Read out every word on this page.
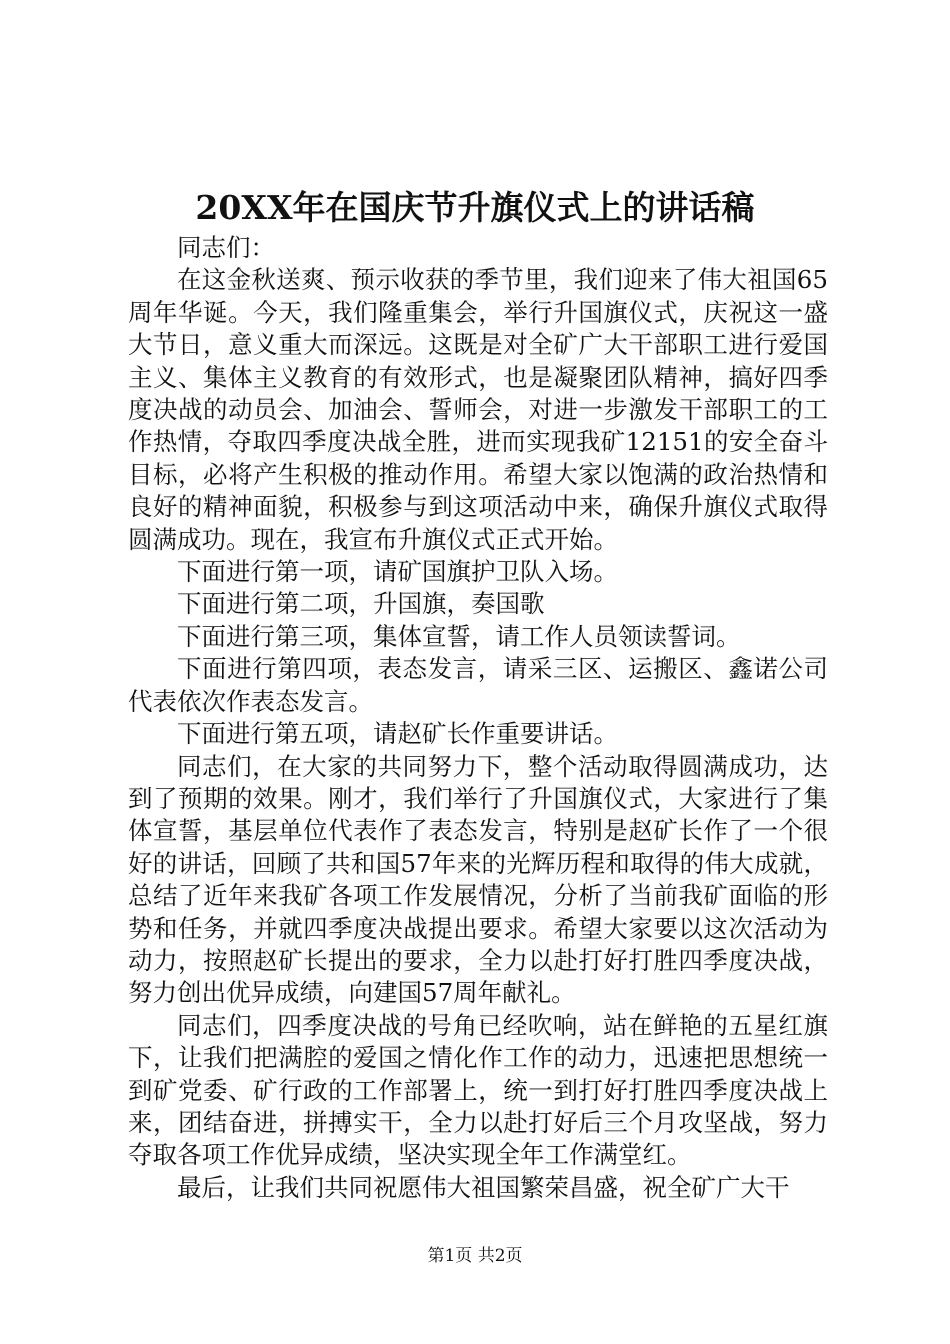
20XX年在国庆节升旗仪式上的讲话稿

同志们：

在这金秋送爽、预示收获的季节里，我们迎来了伟大祖国65周年华诞。今天，我们隆重集会，举行升国旗仪式，庆祝这一盛大节日，意义重大而深远。这既是对全矿广大干部职工进行爱国主义、集体主义教育的有效形式，也是凝聚团队精神，搞好四季度决战的动员会、加油会、誓师会，对进一步激发干部职工的工作热情，夺取四季度决战全胜，进而实现我矿12151的安全奋斗目标，必将产生积极的推动作用。希望大家以饱满的政治热情和良好的精神面貌，积极参与到这项活动中来，确保升旗仪式取得圆满成功。现在，我宣布升旗仪式正式开始。

下面进行第一项，请矿国旗护卫队入场。

下面进行第二项，升国旗，奏国歌

下面进行第三项，集体宣誓，请工作人员领读誓词。

下面进行第四项，表态发言，请采三区、运搬区、鑫诺公司代表依次作表态发言。

下面进行第五项，请赵矿长作重要讲话。

同志们，在大家的共同努力下，整个活动取得圆满成功，达到了预期的效果。刚才，我们举行了升国旗仪式，大家进行了集体宣誓，基层单位代表作了表态发言，特别是赵矿长作了一个很好的讲话，回顾了共和国57年来的光辉历程和取得的伟大成就，总结了近年来我矿各项工作发展情况，分析了当前我矿面临的形势和任务，并就四季度决战提出要求。希望大家要以这次活动为动力，按照赵矿长提出的要求，全力以赴打好打胜四季度决战，努力创出优异成绩，向建国57周年献礼。

同志们，四季度决战的号角已经吹响，站在鲜艳的五星红旗下，让我们把满腔的爱国之情化作工作的动力，迅速把思想统一到矿党委、矿行政的工作部署上，统一到打好打胜四季度决战上来，团结奋进，拼搏实干，全力以赴打好后三个月攻坚战，努力夺取各项工作优异成绩，坚决实现全年工作满堂红。

最后，让我们共同祝愿伟大祖国繁荣昌盛，祝全矿广大干

第1页 共2页
